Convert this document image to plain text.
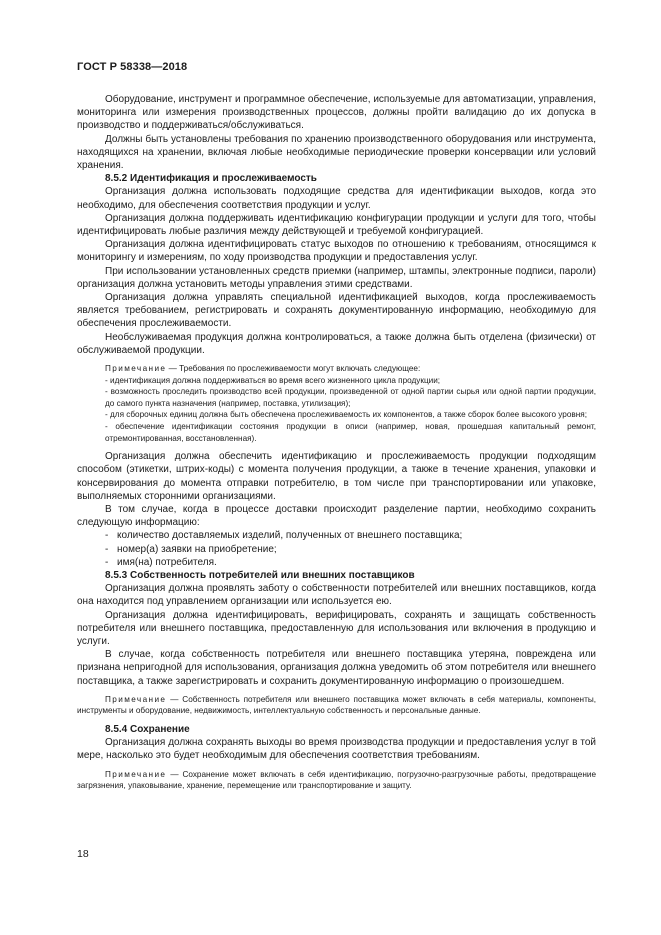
ГОСТ Р 58338—2018

Оборудование, инструмент и программное обеспечение, используемые для автоматизации, управления, мониторинга или измерения производственных процессов, должны пройти валидацию до их допуска в производство и поддерживаться/обслуживаться.

Должны быть установлены требования по хранению производственного оборудования или инструмента, находящихся на хранении, включая любые необходимые периодические проверки консервации или условий хранения.

8.5.2 Идентификация и прослеживаемость

Организация должна использовать подходящие средства для идентификации выходов, когда это необходимо, для обеспечения соответствия продукции и услуг.

Организация должна поддерживать идентификацию конфигурации продукции и услуги для того, чтобы идентифицировать любые различия между действующей и требуемой конфигурацией.

Организация должна идентифицировать статус выходов по отношению к требованиям, относящимся к мониторингу и измерениям, по ходу производства продукции и предоставления услуг.

При использовании установленных средств приемки (например, штампы, электронные подписи, пароли) организация должна установить методы управления этими средствами.

Организация должна управлять специальной идентификацией выходов, когда прослеживаемость является требованием, регистрировать и сохранять документированную информацию, необходимую для обеспечения прослеживаемости.

Необслуживаемая продукция должна контролироваться, а также должна быть отделена (физически) от обслуживаемой продукции.

Примечание — Требования по прослеживаемости могут включать следующее:

- идентификация должна поддерживаться во время всего жизненного цикла продукции;

- возможность проследить производство всей продукции, произведенной от одной партии сырья или одной партии продукции, до самого пункта назначения (например, поставка, утилизация);

- для сборочных единиц должна быть обеспечена прослеживаемость их компонентов, а также сборок более высокого уровня;

- обеспечение идентификации состояния продукции в описи (например, новая, прошедшая капитальный ремонт, отремонтированная, восстановленная).

Организация должна обеспечить идентификацию и прослеживаемость продукции подходящим способом (этикетки, штрих-коды) с момента получения продукции, а также в течение хранения, упаковки и консервирования до момента отправки потребителю, в том числе при транспортировании или упаковке, выполняемых сторонними организациями.

В том случае, когда в процессе доставки происходит разделение партии, необходимо сохранить следующую информацию:

- количество доставляемых изделий, полученных от внешнего поставщика;

- номер(а) заявки на приобретение;

- имя(на) потребителя.

8.5.3 Собственность потребителей или внешних поставщиков

Организация должна проявлять заботу о собственности потребителей или внешних поставщиков, когда она находится под управлением организации или используется ею.

Организация должна идентифицировать, верифицировать, сохранять и защищать собственность потребителя или внешнего поставщика, предоставленную для использования или включения в продукцию и услуги.

В случае, когда собственность потребителя или внешнего поставщика утеряна, повреждена или признана непригодной для использования, организация должна уведомить об этом потребителя или внешнего поставщика, а также зарегистрировать и сохранить документированную информацию о произошедшем.

Примечание — Собственность потребителя или внешнего поставщика может включать в себя материалы, компоненты, инструменты и оборудование, недвижимость, интеллектуальную собственность и персональные данные.

8.5.4 Сохранение

Организация должна сохранять выходы во время производства продукции и предоставления услуг в той мере, насколько это будет необходимым для обеспечения соответствия требованиям.

Примечание — Сохранение может включать в себя идентификацию, погрузочно-разгрузочные работы, предотвращение загрязнения, упаковывание, хранение, перемещение или транспортирование и защиту.

18
